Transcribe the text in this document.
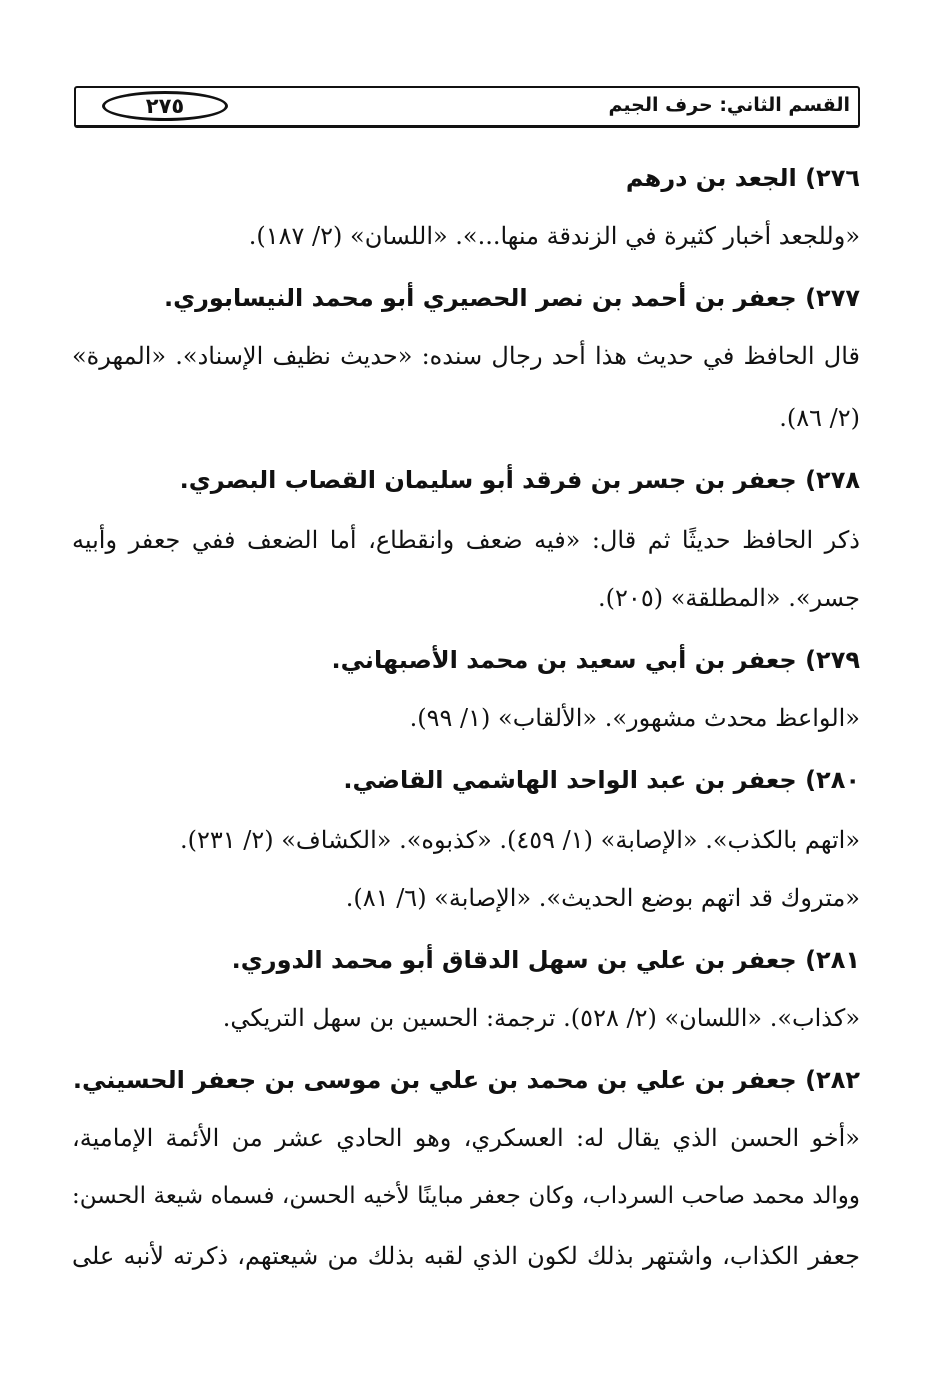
القسم الثاني: حرف الجيم
٢٧٥
٢٧٦) الجعد بن درهم
«وللجعد أخبار كثيرة في الزندقة منها...». «اللسان» (٢/ ١٨٧).
٢٧٧) جعفر بن أحمد بن نصر الحصيري أبو محمد النيسابوري.
قال الحافظ في حديث هذا أحد رجال سنده: «حديث نظيف الإسناد». «المهرة»
(٢/ ٨٦).
٢٧٨) جعفر بن جسر بن فرقد أبو سليمان القصاب البصري.
ذكر الحافظ حديثًا ثم قال: «فيه ضعف وانقطاع، أما الضعف ففي جعفر وأبيه
جسر». «المطلقة» (٢٠٥).
٢٧٩) جعفر بن أبي سعيد بن محمد الأصبهاني.
«الواعظ محدث مشهور». «الألقاب» (١/ ٩٩).
٢٨٠) جعفر بن عبد الواحد الهاشمي القاضي.
«اتهم بالكذب». «الإصابة» (١/ ٤٥٩). «كذبوه». «الكشاف» (٢/ ٢٣١).
«متروك قد اتهم بوضع الحديث». «الإصابة» (٦/ ٨١).
٢٨١) جعفر بن علي بن سهل الدقاق أبو محمد الدوري.
«كذاب». «اللسان» (٢/ ٥٢٨). ترجمة: الحسين بن سهل التريكي.
٢٨٢) جعفر بن علي بن محمد بن علي بن موسى بن جعفر الحسيني.
«أخو الحسن الذي يقال له: العسكري، وهو الحادي عشر من الأئمة الإمامية،
ووالد محمد صاحب السرداب، وكان جعفر مباينًا لأخيه الحسن، فسماه شيعة الحسن:
جعفر الكذاب، واشتهر بذلك لكون الذي لقبه بذلك من شيعتهم، ذكرته لأنبه على
